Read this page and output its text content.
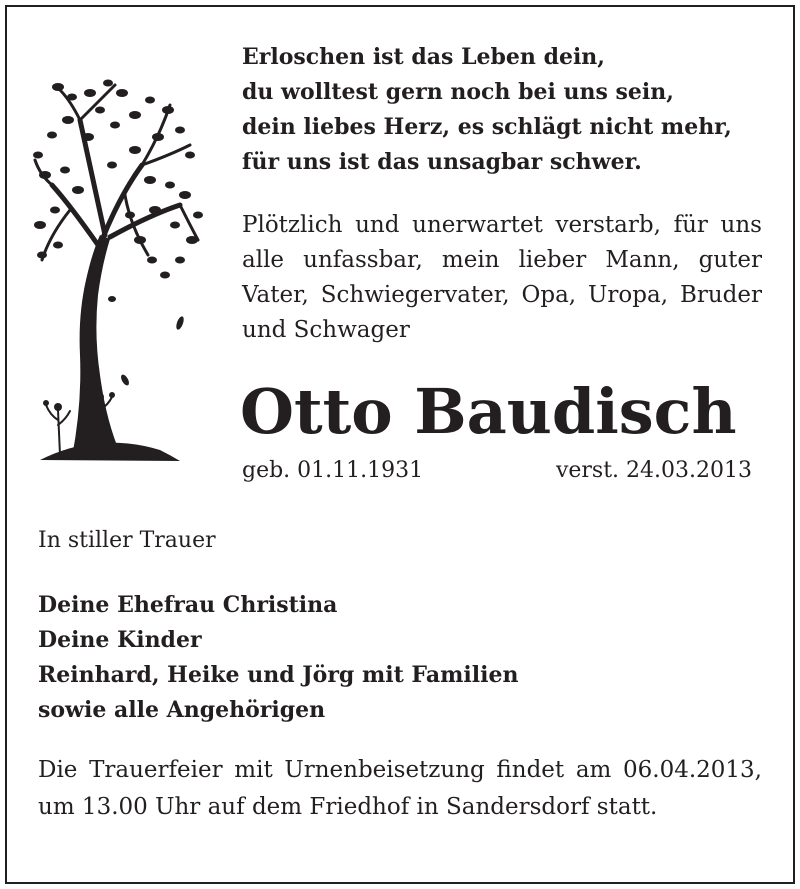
Erloschen ist das Leben dein,
du wolltest gern noch bei uns sein,
dein liebes Herz, es schlägt nicht mehr,
für uns ist das unsagbar schwer.
Plötzlich und unerwartet verstarb, für uns alle unfassbar, mein lieber Mann, guter Vater, Schwiegervater, Opa, Uropa, Bruder und Schwager
Otto Baudisch
geb. 01.11.1931	verst. 24.03.2013
In stiller Trauer
Deine Ehefrau Christina
Deine Kinder
Reinhard, Heike und Jörg mit Familien
sowie alle Angehörigen
Die Trauerfeier mit Urnenbeisetzung findet am 06.04.2013, um 13.00 Uhr auf dem Friedhof in Sandersdorf statt.
